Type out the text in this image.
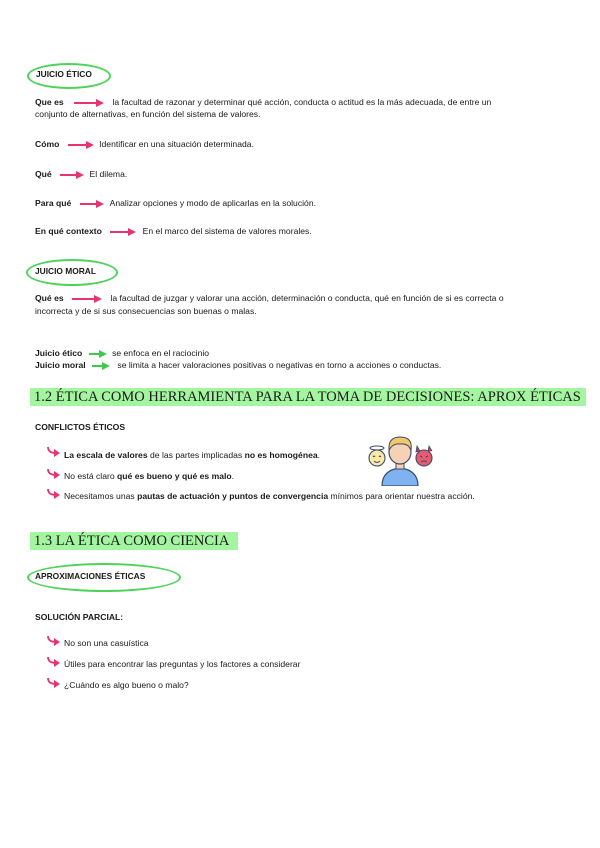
JUICIO ÉTICO
Que es	la facultad de razonar y determinar qué acción, conducta o actitud es la más adecuada, de entre un
conjunto de alternativas, en función del sistema de valores.
Cómo	Identificar en una situación determinada.
Qué	El dilema.
Para qué	Analizar opciones y modo de aplicarlas en la solución.
En qué contexto	En el marco del sistema de valores morales.
JUICIO MORAL
Qué es	la facultad de juzgar y valorar una acción, determinación o conducta, qué en función de si es correcta o
incorrecta y de si sus consecuencias son buenas o malas.
Juicio ético	se enfoca en el raciocinio
Juicio moral	se limita a hacer valoraciones positivas o negativas en torno a acciones o conductas.
1.2 ÉTICA COMO HERRAMIENTA PARA LA TOMA DE DECISIONES: APROX ÉTICAS
CONFLICTOS ÉTICOS
La escala de valores de las partes implicadas no es homogénea.
No está claro qué es bueno y qué es malo.
Necesitamos unas pautas de actuación y puntos de convergencia mínimos para orientar nuestra acción.
1.3 LA ÉTICA COMO CIENCIA
APROXIMACIONES ÉTICAS
SOLUCIÓN PARCIAL:
No son una casuística
Útiles para encontrar las preguntas y los factores a considerar
¿Cuándo es algo bueno o malo?
